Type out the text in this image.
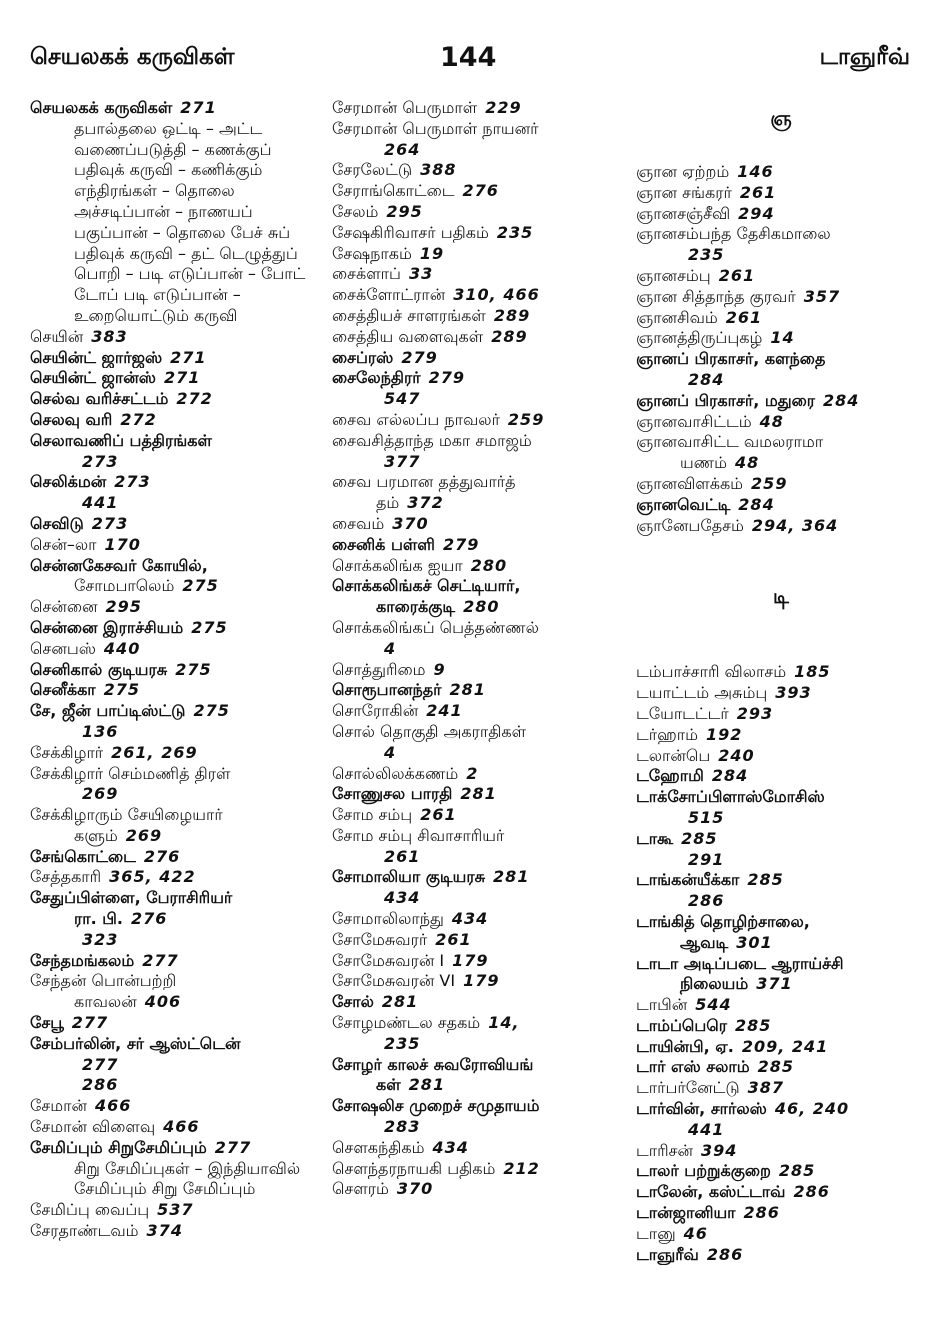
செயலகக் கருவிகள்	144	டாஞுரீவ்
செயலகக் கருவிகள் 271
தபால்தலை ஒட்டி – அட்ட வணைப்படுத்தி – கணக்குப் பதிவுக் கருவி – கணிக்கும் எந்திரங்கள் – தொலை அச்சடிப்பான் – நாணயப் பகுப்பான் – தொலை பேச் சுப் பதிவுக் கருவி – தட் டெழுத்துப் பொறி – படி எடுப்பான் – போட் டோப் படி எடுப்பான் – உறையொட்டும் கருவி
செயின் 383
செயின்ட் ஜார்ஜஸ் 271
செயின்ட் ஜான்ஸ் 271
செல்வ வரிச்சட்டம் 272
செலவு வரி 272
செலாவணிப் பத்திரங்கள்
273
செலிக்மன் 273
441
செவிடு 273
சென்–லா 170
சென்னகேசவர் கோயில்,
சோமபாலெம் 275
சென்னை 295
சென்னை இராச்சியம் 275
செனபஸ் 440
செனிகால் குடியரசு 275
செனீக்கா 275
சே, ஜீன் பாப்டிஸ்ட்டு 275
136
சேக்கிழார் 261, 269
சேக்கிழார் செம்மணித் திரள்
269
சேக்கிழாரும் சேயிழையார்
களும் 269
சேங்கொட்டை 276
சேத்தகாரி 365, 422
சேதுப்பிள்ளை, பேராசிரியர்
ரா. பி. 276
323
சேந்தமங்கலம் 277
சேந்தன் பொன்பற்றி
காவலன் 406
சேபூ 277
சேம்பர்லின், சர் ஆஸ்ட்டென்
277
286
சேமான் 466
சேமான் விளைவு 466
சேமிப்பும் சிறுசேமிப்பும் 277
சிறு சேமிப்புகள் – இந்தியாவில் சேமிப்பும் சிறு சேமிப்பும்
சேமிப்பு வைப்பு 537
சேரதாண்டவம் 374
சேரமான் பெருமாள் 229
சேரமான் பெருமாள் நாயனர்
264
சேரலேட்டு 388
சேராங்கொட்டை 276
சேலம் 295
சேஷகிரிவாசர் பதிகம் 235
சேஷநாகம் 19
சைக்ளாப் 33
சைக்ளோட்ரான் 310, 466
சைத்தியச் சாளரங்கள் 289
சைத்திய வளைவுகள் 289
சைப்ரஸ் 279
சைலேந்திரர் 279
547
சைவ எல்லப்ப நாவலர் 259
சைவசித்தாந்த மகா சமாஜம்
377
சைவ பரமான தத்துவார்த்
தம் 372
சைவம் 370
சைனிக் பள்ளி 279
சொக்கலிங்க ஐயா 280
சொக்கலிங்கச் செட்டியார்,
காரைக்குடி 280
சொக்கலிங்கப் பெத்தண்ணல்
4
சொத்துரிமை 9
சொரூபானந்தர் 281
சொரோகின் 241
சொல் தொகுதி அகராதிகள்
4
சொல்லிலக்கணம் 2
சோணுசல பாரதி 281
சோம சம்பு 261
சோம சம்பு சிவாசாரியர்
261
சோமாலியா குடியரசு 281
434
சோமாலிலாந்து 434
சோமேசுவரர் 261
சோமேசுவரன் I 179
சோமேசுவரன் VI 179
சோல் 281
சோழமண்டல சதகம் 14,
235
சோழர் காலச் சுவரோவியங்
கள் 281
சோஷலிச முறைச் சமுதாயம்
283
சௌகந்திகம் 434
சௌந்தரநாயகி பதிகம் 212
சௌரம் 370
ஞ
ஞான ஏற்றம் 146
ஞான சங்கரர் 261
ஞானசஞ்சீவி 294
ஞானசம்பந்த தேசிகமாலை
235
ஞானசம்பு 261
ஞான சித்தாந்த குரவர் 357
ஞானசிவம் 261
ஞானத்திருப்புகழ் 14
ஞானப் பிரகாசர், களந்தை
284
ஞானப் பிரகாசர், மதுரை 284
ஞானவாசிட்டம் 48
ஞானவாசிட்ட வமலராமா
யணம் 48
ஞானவிளக்கம் 259
ஞானவெட்டி 284
ஞானேபதேசம் 294, 364
டி
டம்பாச்சாரி விலாசம் 185
டயாட்டம் அசும்பு 393
டயோடட்டர் 293
டர்ஹாம் 192
டலான்பெ 240
டஹோமி 284
டாக்சோப்பிளாஸ்மோசிஸ்
515
டாகூ 285
291
டாங்கன்யீக்கா 285
286
டாங்கித் தொழிற்சாலை,
ஆவடி 301
டாடா அடிப்படை ஆராய்ச்சி
நிலையம் 371
டாபின் 544
டாம்ப்பெரெ 285
டாயின்பி, ஏ. 209, 241
டார் எஸ் சலாம் 285
டார்பர்னேட்டு 387
டார்வின், சார்லஸ் 46, 240
441
டாரிசன் 394
டாலர் பற்றுக்குறை 285
டாலேன், கஸ்ட்டாவ் 286
டான்ஜானியா 286
டானு 46
டாஞுரீவ் 286
